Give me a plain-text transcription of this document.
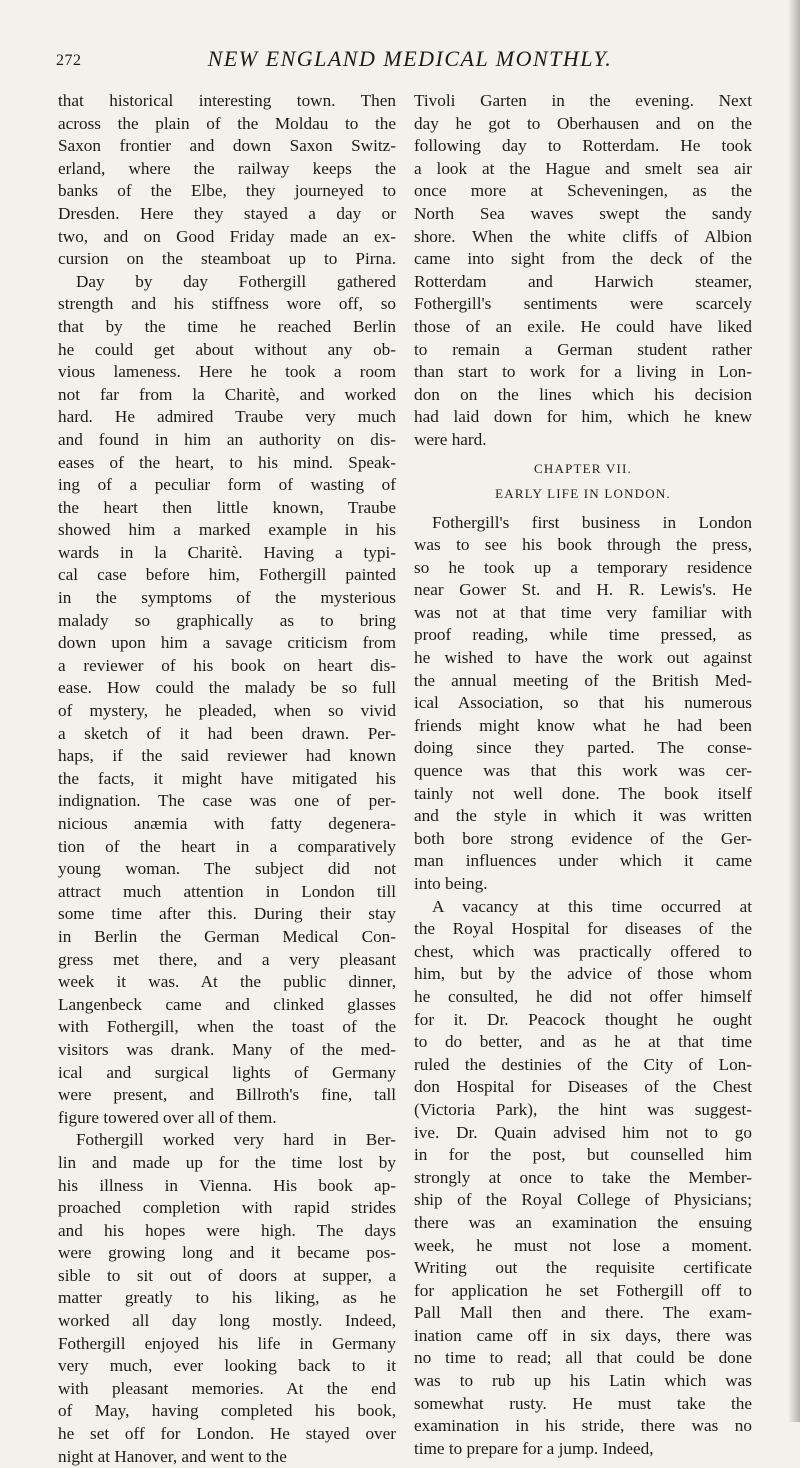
272	NEW ENGLAND MEDICAL MONTHLY.
that historical interesting town. Then
across the plain of the Moldau to the
Saxon frontier and down Saxon Switz-
erland, where the railway keeps the
banks of the Elbe, they journeyed to
Dresden. Here they stayed a day or
two, and on Good Friday made an ex-
cursion on the steamboat up to Pirna.
Day by day Fothergill gathered
strength and his stiffness wore off, so
that by the time he reached Berlin
he could get about without any ob-
vious lameness. Here he took a room
not far from la Charitè, and worked
hard. He admired Traube very much
and found in him an authority on dis-
eases of the heart, to his mind. Speak-
ing of a peculiar form of wasting of
the heart then little known, Traube
showed him a marked example in his
wards in la Charitè. Having a typi-
cal case before him, Fothergill painted
in the symptoms of the mysterious
malady so graphically as to bring
down upon him a savage criticism from
a reviewer of his book on heart dis-
ease. How could the malady be so full
of mystery, he pleaded, when so vivid
a sketch of it had been drawn. Per-
haps, if the said reviewer had known
the facts, it might have mitigated his
indignation. The case was one of per-
nicious anæmia with fatty degenera-
tion of the heart in a comparatively
young woman. The subject did not
attract much attention in London till
some time after this. During their stay
in Berlin the German Medical Con-
gress met there, and a very pleasant
week it was. At the public dinner,
Langenbeck came and clinked glasses
with Fothergill, when the toast of the
visitors was drank. Many of the med-
ical and surgical lights of Germany
were present, and Billroth's fine, tall
figure towered over all of them.
Fothergill worked very hard in Ber-
lin and made up for the time lost by
his illness in Vienna. His book ap-
proached completion with rapid strides
and his hopes were high. The days
were growing long and it became pos-
sible to sit out of doors at supper, a
matter greatly to his liking, as he
worked all day long mostly. Indeed,
Fothergill enjoyed his life in Germany
very much, ever looking back to it
with pleasant memories. At the end
of May, having completed his book,
he set off for London. He stayed over
night at Hanover, and went to the
Tivoli Garten in the evening. Next
day he got to Oberhausen and on the
following day to Rotterdam. He took
a look at the Hague and smelt sea air
once more at Scheveningen, as the
North Sea waves swept the sandy
shore. When the white cliffs of Albion
came into sight from the deck of the
Rotterdam and Harwich steamer,
Fothergill's sentiments were scarcely
those of an exile. He could have liked
to remain a German student rather
than start to work for a living in Lon-
don on the lines which his decision
had laid down for him, which he knew
were hard.
CHAPTER VII.
EARLY LIFE IN LONDON.
Fothergill's first business in London
was to see his book through the press,
so he took up a temporary residence
near Gower St. and H. R. Lewis's. He
was not at that time very familiar with
proof reading, while time pressed, as
he wished to have the work out against
the annual meeting of the British Med-
ical Association, so that his numerous
friends might know what he had been
doing since they parted. The conse-
quence was that this work was cer-
tainly not well done. The book itself
and the style in which it was written
both bore strong evidence of the Ger-
man influences under which it came
into being.
A vacancy at this time occurred at
the Royal Hospital for diseases of the
chest, which was practically offered to
him, but by the advice of those whom
he consulted, he did not offer himself
for it. Dr. Peacock thought he ought
to do better, and as he at that time
ruled the destinies of the City of Lon-
don Hospital for Diseases of the Chest
(Victoria Park), the hint was suggest-
ive. Dr. Quain advised him not to go
in for the post, but counselled him
strongly at once to take the Member-
ship of the Royal College of Physicians;
there was an examination the ensuing
week, he must not lose a moment.
Writing out the requisite certificate
for application he set Fothergill off to
Pall Mall then and there. The exam-
ination came off in six days, there was
no time to read; all that could be done
was to rub up his Latin which was
somewhat rusty. He must take the
examination in his stride, there was no
time to prepare for a jump. Indeed,
